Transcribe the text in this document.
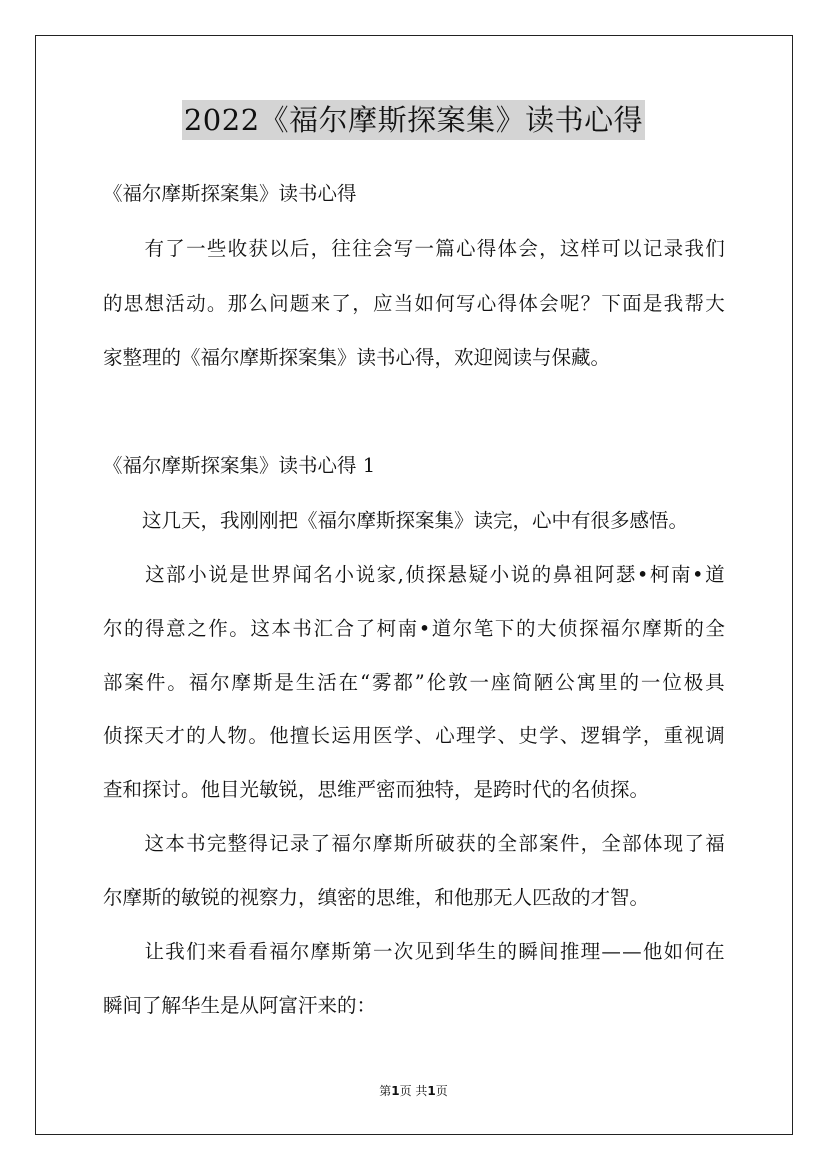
2022《福尔摩斯探案集》读书心得
《福尔摩斯探案集》读书心得

有 了 一 些 收 获 以 后 ， 往 往 会 写 一 篇 心 得 体 会 ， 这 样 可 以 记 录 我 们
的 思 想 活 动 。 那 么 问 题 来 了 ， 应 当 如 何 写 心 得 体 会 呢 ？ 下 面 是 我 帮 大
家整理的《福尔摩斯探案集》读书心得，欢迎阅读与保藏。
《福尔摩斯探案集》读书心得 1
这几天，我刚刚把《福尔摩斯探案集》读完，心中有很多感悟。

这 部 小 说 是 世 界 闻 名 小 说 家 , 侦 探 悬 疑 小 说 的 鼻 祖 阿 瑟 • 柯 南 • 道
尔 的 得 意 之 作 。 这 本 书 汇 合 了 柯 南 • 道 尔 笔 下 的 大 侦 探 福 尔 摩 斯 的 全
部 案 件 。 福 尔 摩 斯 是 生 活 在 “ 雾 都 ” 伦 敦 一 座 简 陋 公 寓 里 的 一 位 极 具
侦 探 天 才 的 人 物 。 他 擅 长 运 用 医 学 、 心 理 学 、 史 学 、 逻 辑 学 ， 重 视 调
查和探讨。他目光敏锐，思维严密而独特，是跨时代的名侦探。

这 本 书 完 整 得 记 录 了 福 尔 摩 斯 所 破 获 的 全 部 案 件 ， 全 部 体 现 了 福
尔摩斯的敏锐的视察力，缜密的思维，和他那无人匹敌的才智。

让 我 们 来 看 看 福 尔 摩 斯 第 一 次 见 到 华 生 的 瞬 间 推 理 — — 他 如 何 在
瞬间了解华生是从阿富汗来的：
第1页 共1页
